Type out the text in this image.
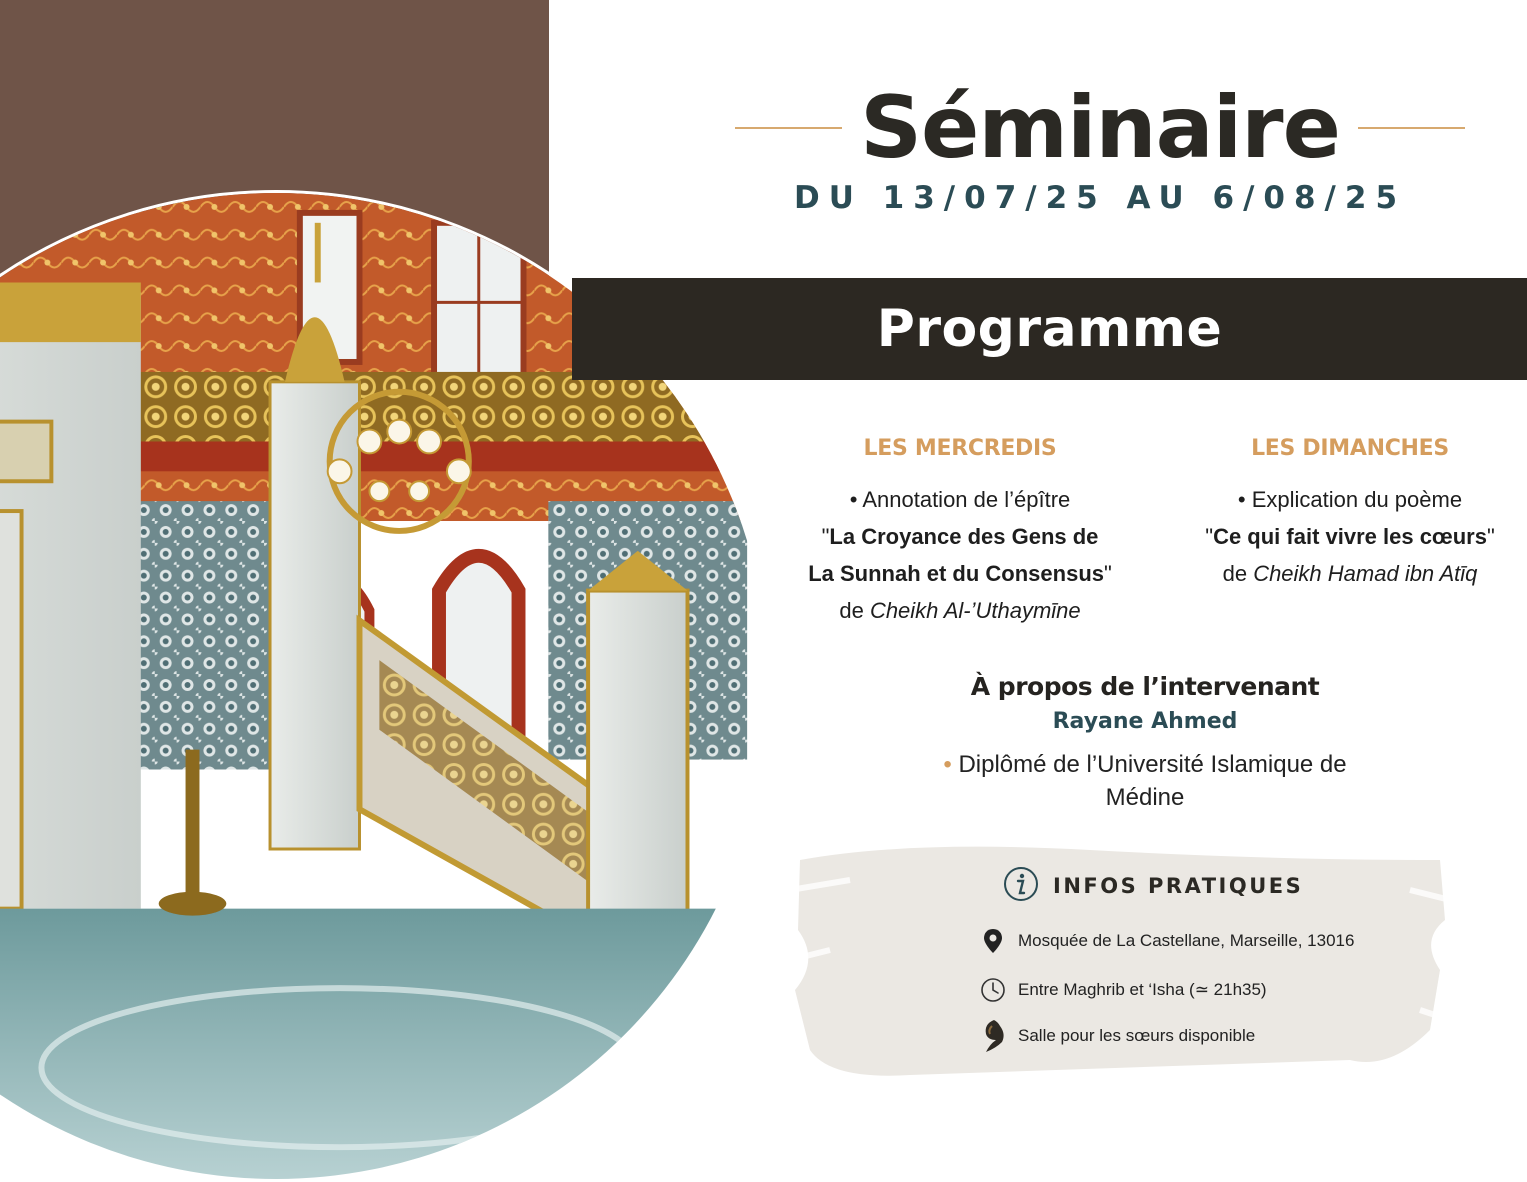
Séminaire
DU 13/07/25 AU 6/08/25
Programme
LES MERCREDIS
• Annotation de l’épître
"La Croyance des Gens de
La Sunnah et du Consensus"
de Cheikh Al-’Uthaymīne
LES DIMANCHES
• Explication du poème
"Ce qui fait vivre les cœurs"
de Cheikh Hamad ibn Atīq
À propos de l’intervenant
Rayane Ahmed
• Diplômé de l’Université Islamique de
Médine
INFOS PRATIQUES
Mosquée de La Castellane, Marseille, 13016
Entre Maghrib et ‘Isha (≃ 21h35)
Salle pour les sœurs disponible
